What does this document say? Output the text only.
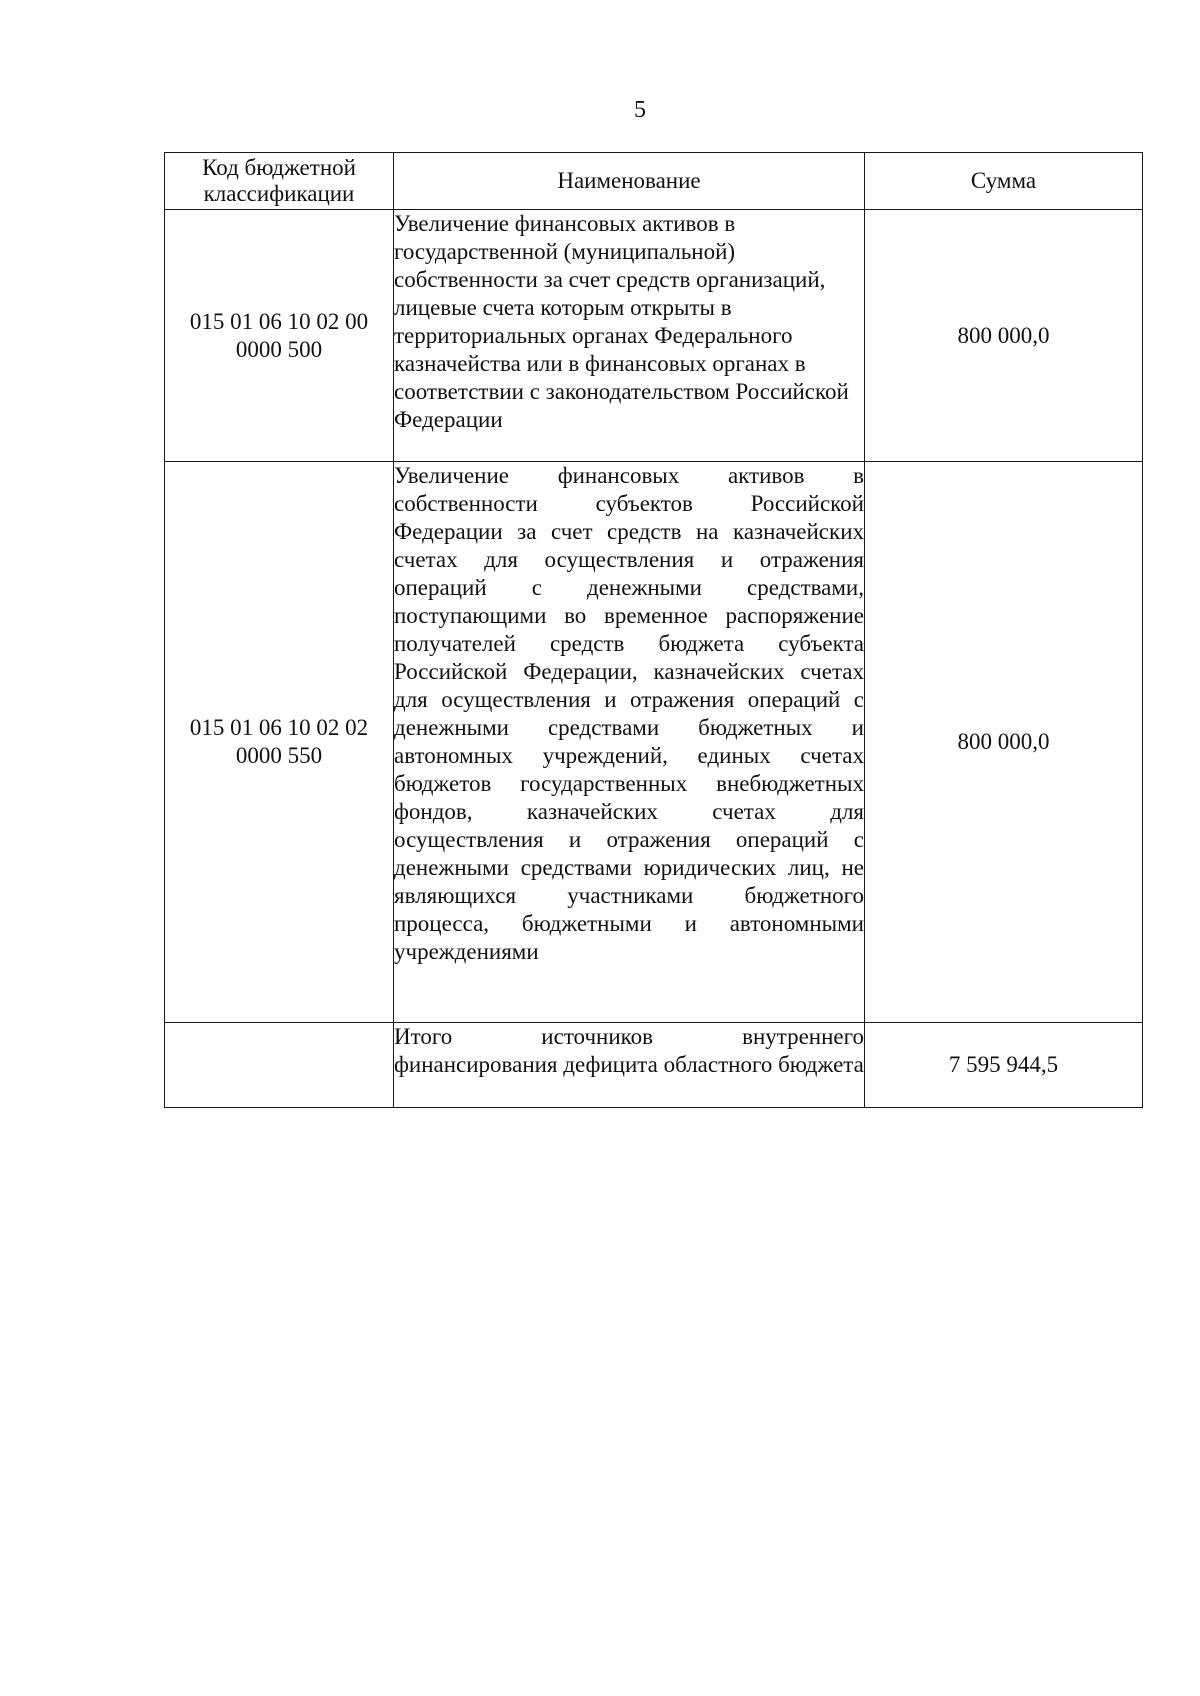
5
Код бюджетной классификации	Наименование	Сумма
015 01 06 10 02 00 0000 500	Увеличение финансовых активов в государственной (муниципальной) собственности за счет средств организаций, лицевые счета которым открыты в территориальных органах Федерального казначейства или в финансовых органах в соответствии с законодательством Российской Федерации	800 000,0
015 01 06 10 02 02 0000 550	Увеличение финансовых активов в собственности субъектов Российской Федерации за счет средств на казначейских счетах для осуществления и отражения операций с денежными средствами, поступающими во временное распоряжение получателей средств бюджета субъекта Российской Федерации, казначейских счетах для осуществления и отражения операций с денежными средствами бюджетных и автономных учреждений, единых счетах бюджетов государственных внебюджетных фондов, казначейских счетах для осуществления и отражения операций с денежными средствами юридических лиц, не являющихся участниками бюджетного процесса, бюджетными и автономными учреждениями	800 000,0
	Итого источников внутреннего финансирования дефицита областного бюджета	7 595 944,5
